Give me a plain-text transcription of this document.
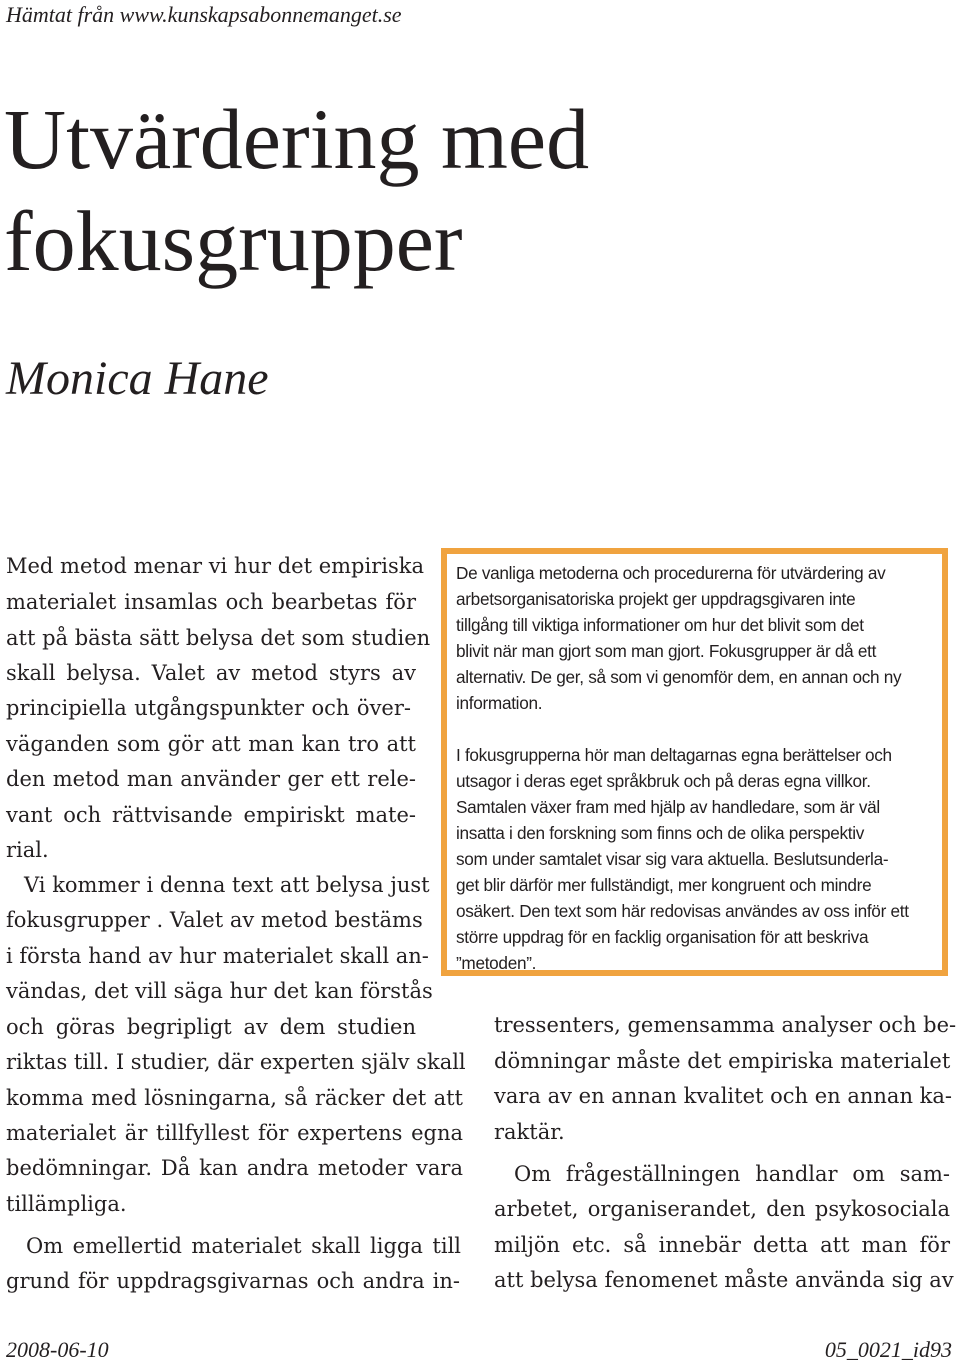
Hämtat från www.kunskapsabonnemanget.se
Utvärdering med
fokusgrupper
Monica Hane
Med metod menar vi hur det empiriska
materialet insamlas och bearbetas för
att på bästa sätt belysa det som studien
skall belysa. Valet av metod styrs av
principiella utgångspunkter och över-
väganden som gör att man kan tro att
den metod man använder ger ett rele-
vant och rättvisande empiriskt mate-
rial.
Vi kommer i denna text att belysa just
fokusgrupper . Valet av metod bestäms
i första hand av hur materialet skall an-
vändas, det vill säga hur det kan förstås
och göras begripligt av dem studien
riktas till. I studier, där experten själv skall
komma med lösningarna, så räcker det att
materialet är tillfyllest för expertens egna
bedömningar. Då kan andra metoder vara
tillämpliga.
Om emellertid materialet skall ligga till
grund för uppdragsgivarnas och andra in-
tressenters, gemensamma analyser och be-
dömningar måste det empiriska materialet
vara av en annan kvalitet och en annan ka-
raktär.
Om frågeställningen handlar om sam-
arbetet, organiserandet, den psykosociala
miljön etc. så innebär detta att man för
att belysa fenomenet måste använda sig av
De vanliga metoderna och procedurerna för utvärdering av
arbetsorganisatoriska projekt ger uppdragsgivaren inte
tillgång till viktiga informationer om hur det blivit som det
blivit när man gjort som man gjort. Fokusgrupper är då ett
alternativ. De ger, så som vi genomför dem, en annan och ny
information.
I fokusgrupperna hör man deltagarnas egna berättelser och
utsagor i deras eget språkbruk och på deras egna villkor.
Samtalen växer fram med hjälp av handledare, som är väl
insatta i den forskning som finns och de olika perspektiv
som under samtalet visar sig vara aktuella. Beslutsunderla-
get blir därför mer fullständigt, mer kongruent och mindre
osäkert. Den text som här redovisas användes av oss inför ett
större uppdrag för en facklig organisation för att beskriva
”metoden”.
2008-06-10	05_0021_id93
